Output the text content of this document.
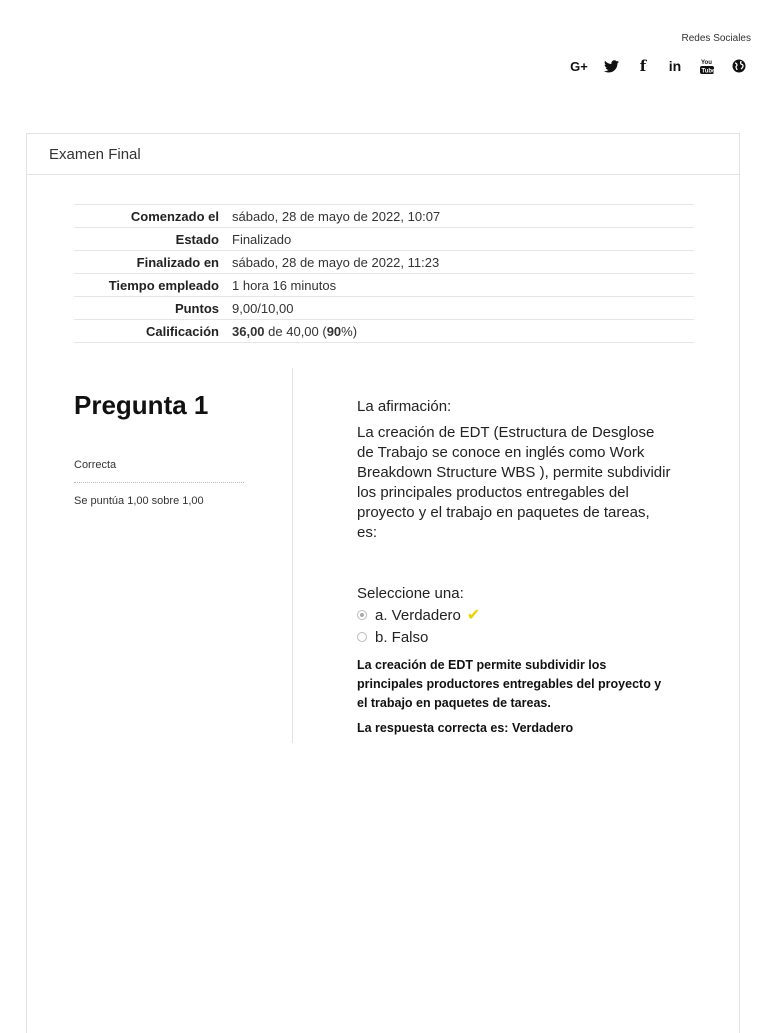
Redes Sociales
G+	f in	You
Tube
Examen Final
Comenzado el	sábado, 28 de mayo de 2022, 10:07
Estado	Finalizado
Finalizado en	sábado, 28 de mayo de 2022, 11:23
Tiempo empleado	1 hora 16 minutos
Puntos	9,00/10,00
Calificación	36,00 de 40,00 (90%)
Pregunta 1
Correcta
Se puntúa 1,00 sobre 1,00
La afirmación:
La creación de EDT (Estructura de Desglose de Trabajo se conoce en inglés como Work Breakdown Structure WBS ), permite subdividir los principales productos entregables del proyecto y el trabajo en paquetes de tareas, es:
Seleccione una:
a. Verdadero ✔
b. Falso
La creación de EDT permite subdividir los principales productores entregables del proyecto y el trabajo en paquetes de tareas.
La respuesta correcta es: Verdadero
